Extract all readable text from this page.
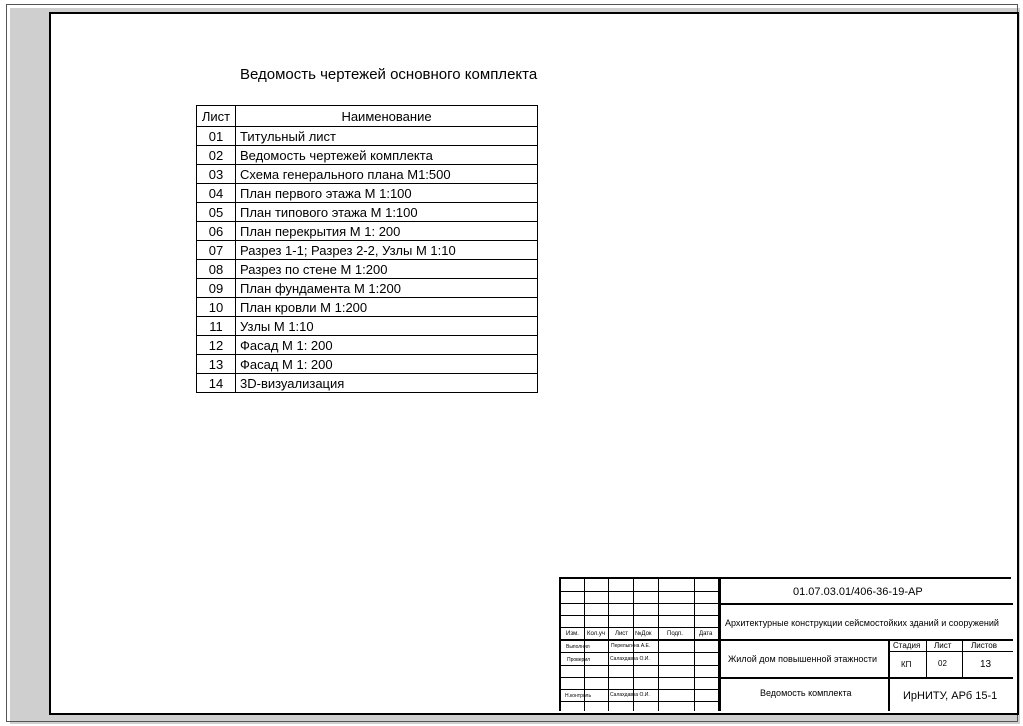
Ведомость чертежей основного комплекта
Лист	Наименование
01	Титульный лист
02	Ведомость чертежей комплекта
03	Схема генерального плана М1:500
04	План первого этажа М 1:100
05	План типового этажа М 1:100
06	План перекрытия М 1: 200
07	Разрез 1-1; Разрез 2-2, Узлы М 1:10
08	Разрез по стене М 1:200
09	План фундамента М 1:200
10	План кровли М 1:200
11	Узлы М 1:10
12	Фасад М 1: 200
13	Фасад М 1: 200
14	3D-визуализация
01.07.03.01/406-36-19-АР
Архитектурные конструкции сейсмостойких зданий и сооружений
Жилой дом повышенной этажности
Ведомость комплекта	ИрНИТУ, АРб 15-1
Стадия Лист Листов
КП	02	13
Изм. Кол.уч Лист №Док	Подп.	Дата
Выполнил	Перелыгина А.Е.
Проверил	Салахдавка О.И.
Н.контроль	Салахдавка О.И.
